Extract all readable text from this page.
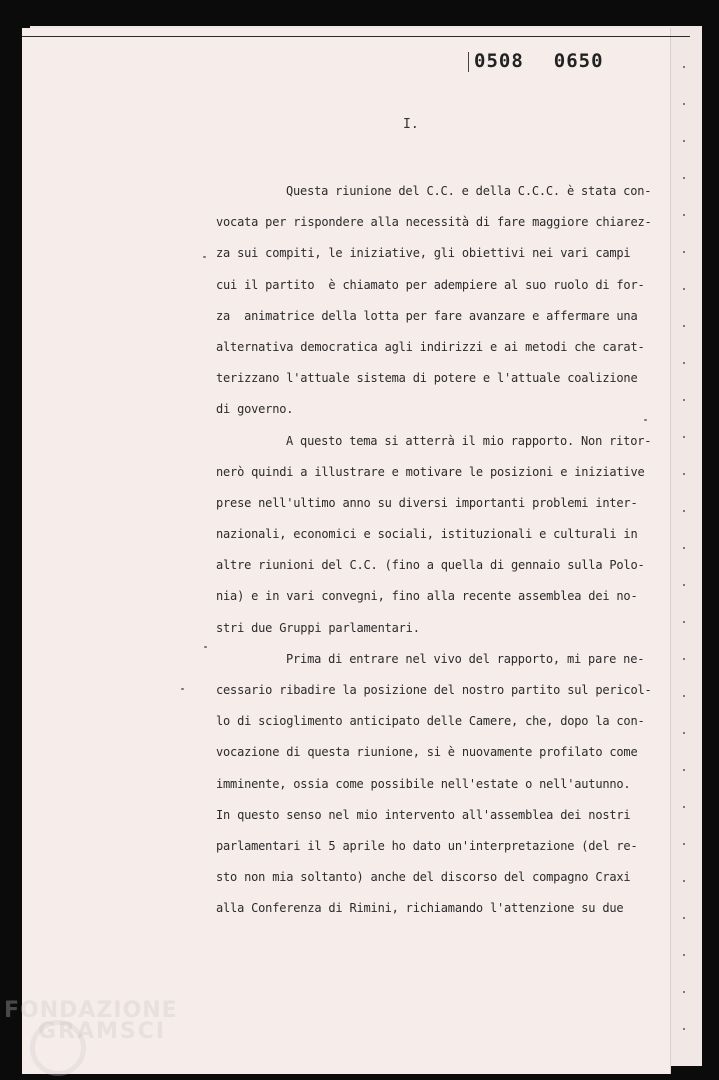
0508 0650
I.
Questa riunione del C.C. e della C.C.C. è stata con-
vocata per rispondere alla necessità di fare maggiore chiarez-
za sui compiti, le iniziative, gli obiettivi nei vari campi
cui il partito  è chiamato per adempiere al suo ruolo di for-
za  animatrice della lotta per fare avanzare e affermare una
alternativa democratica agli indirizzi e ai metodi che carat-
terizzano l'attuale sistema di potere e l'attuale coalizione
di governo.
A questo tema si atterrà il mio rapporto. Non ritor-
nerò quindi a illustrare e motivare le posizioni e iniziative
prese nell'ultimo anno su diversi importanti problemi inter-
nazionali, economici e sociali, istituzionali e culturali in
altre riunioni del C.C. (fino a quella di gennaio sulla Polo-
nia) e in vari convegni, fino alla recente assemblea dei no-
stri due Gruppi parlamentari.
Prima di entrare nel vivo del rapporto, mi pare ne-
cessario ribadire la posizione del nostro partito sul pericol-
lo di scioglimento anticipato delle Camere, che, dopo la con-
vocazione di questa riunione, si è nuovamente profilato come
imminente, ossia come possibile nell'estate o nell'autunno.
In questo senso nel mio intervento all'assemblea dei nostri
parlamentari il 5 aprile ho dato un'interpretazione (del re-
sto non mia soltanto) anche del discorso del compagno Craxi
alla Conferenza di Rimini, richiamando l'attenzione su due
FONDAZIONE
GRAMSCI
